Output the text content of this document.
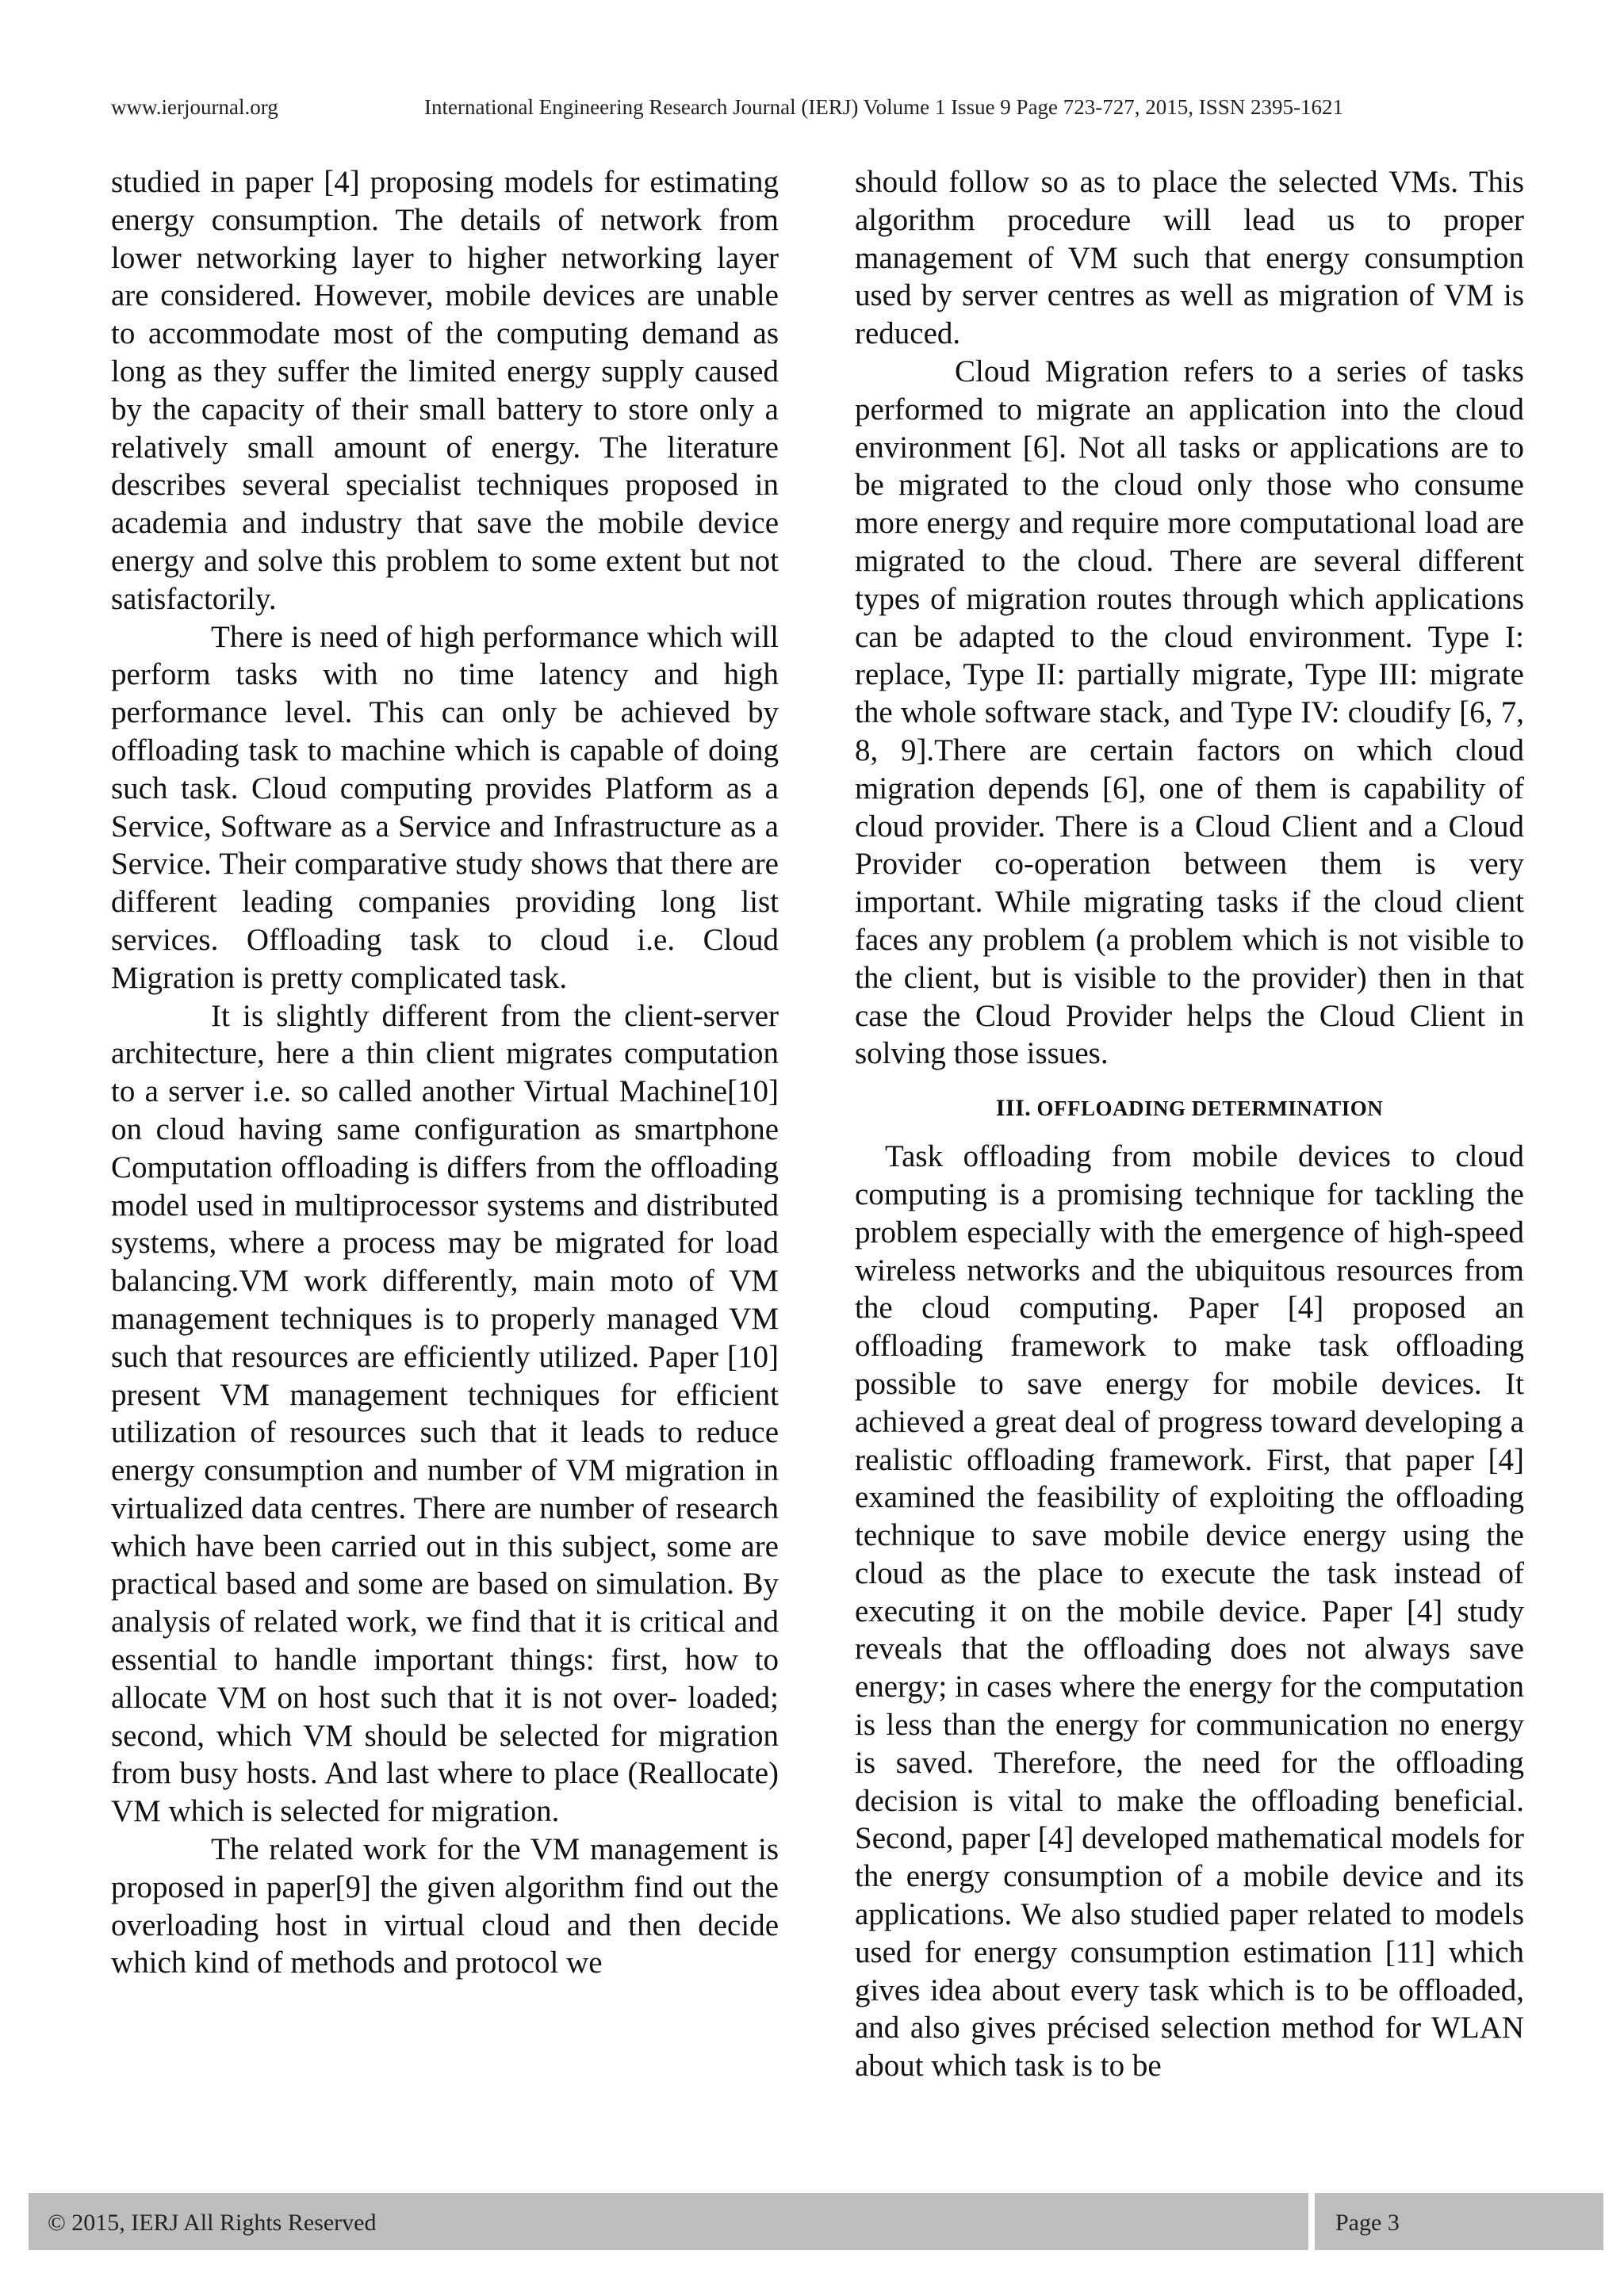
www.ierjournal.org	International Engineering Research Journal (IERJ) Volume 1 Issue 9 Page 723-727, 2015, ISSN 2395-1621

studied in paper [4] proposing models for estimating energy consumption. The details of network from lower networking layer to higher networking layer are considered. However, mobile devices are unable to accommodate most of the computing demand as long as they suffer the limited energy supply caused by the capacity of their small battery to store only a relatively small amount of energy. The literature describes several specialist techniques proposed in academia and industry that save the mobile device energy and solve this problem to some extent but not satisfactorily.

There is need of high performance which will perform tasks with no time latency and high performance level. This can only be achieved by offloading task to machine which is capable of doing such task. Cloud computing provides Platform as a Service, Software as a Service and Infrastructure as a Service. Their comparative study shows that there are different leading companies providing long list services. Offloading task to cloud i.e. Cloud Migration is pretty complicated task.

It is slightly different from the client-server architecture, here a thin client migrates computation to a server i.e. so called another Virtual Machine[10] on cloud having same configuration as smartphone Computation offloading is differs from the offloading model used in multiprocessor systems and distributed systems, where a process may be migrated for load balancing.VM work differently, main moto of VM management techniques is to properly managed VM such that resources are efficiently utilized. Paper [10] present VM management techniques for efficient utilization of resources such that it leads to reduce energy consumption and number of VM migration in virtualized data centres. There are number of research which have been carried out in this subject, some are practical based and some are based on simulation. By analysis of related work, we find that it is critical and essential to handle important things: first, how to allocate VM on host such that it is not over- loaded; second, which VM should be selected for migration from busy hosts. And last where to place (Reallocate) VM which is selected for migration.

The related work for the VM management is proposed in paper[9] the given algorithm find out the overloading host in virtual cloud and then decide which kind of methods and protocol we

should follow so as to place the selected VMs. This algorithm procedure will lead us to proper management of VM such that energy consumption used by server centres as well as migration of VM is reduced.

Cloud Migration refers to a series of tasks performed to migrate an application into the cloud environment [6]. Not all tasks or applications are to be migrated to the cloud only those who consume more energy and require more computational load are migrated to the cloud. There are several different types of migration routes through which applications can be adapted to the cloud environment. Type I: replace, Type II: partially migrate, Type III: migrate the whole software stack, and Type IV: cloudify [6, 7, 8, 9].There are certain factors on which cloud migration depends [6], one of them is capability of cloud provider. There is a Cloud Client and a Cloud Provider co-operation between them is very important. While migrating tasks if the cloud client faces any problem (a problem which is not visible to the client, but is visible to the provider) then in that case the Cloud Provider helps the Cloud Client in solving those issues.

III. OFFLOADING DETERMINATION

Task offloading from mobile devices to cloud computing is a promising technique for tackling the problem especially with the emergence of high-speed wireless networks and the ubiquitous resources from the cloud computing. Paper [4] proposed an offloading framework to make task offloading possible to save energy for mobile devices. It achieved a great deal of progress toward developing a realistic offloading framework. First, that paper [4] examined the feasibility of exploiting the offloading technique to save mobile device energy using the cloud as the place to execute the task instead of executing it on the mobile device. Paper [4] study reveals that the offloading does not always save energy; in cases where the energy for the computation is less than the energy for communication no energy is saved. Therefore, the need for the offloading decision is vital to make the offloading beneficial. Second, paper [4] developed mathematical models for the energy consumption of a mobile device and its applications. We also studied paper related to models used for energy consumption estimation [11] which gives idea about every task which is to be offloaded, and also gives précised selection method for WLAN about which task is to be

© 2015, IERJ All Rights Reserved	Page 3
